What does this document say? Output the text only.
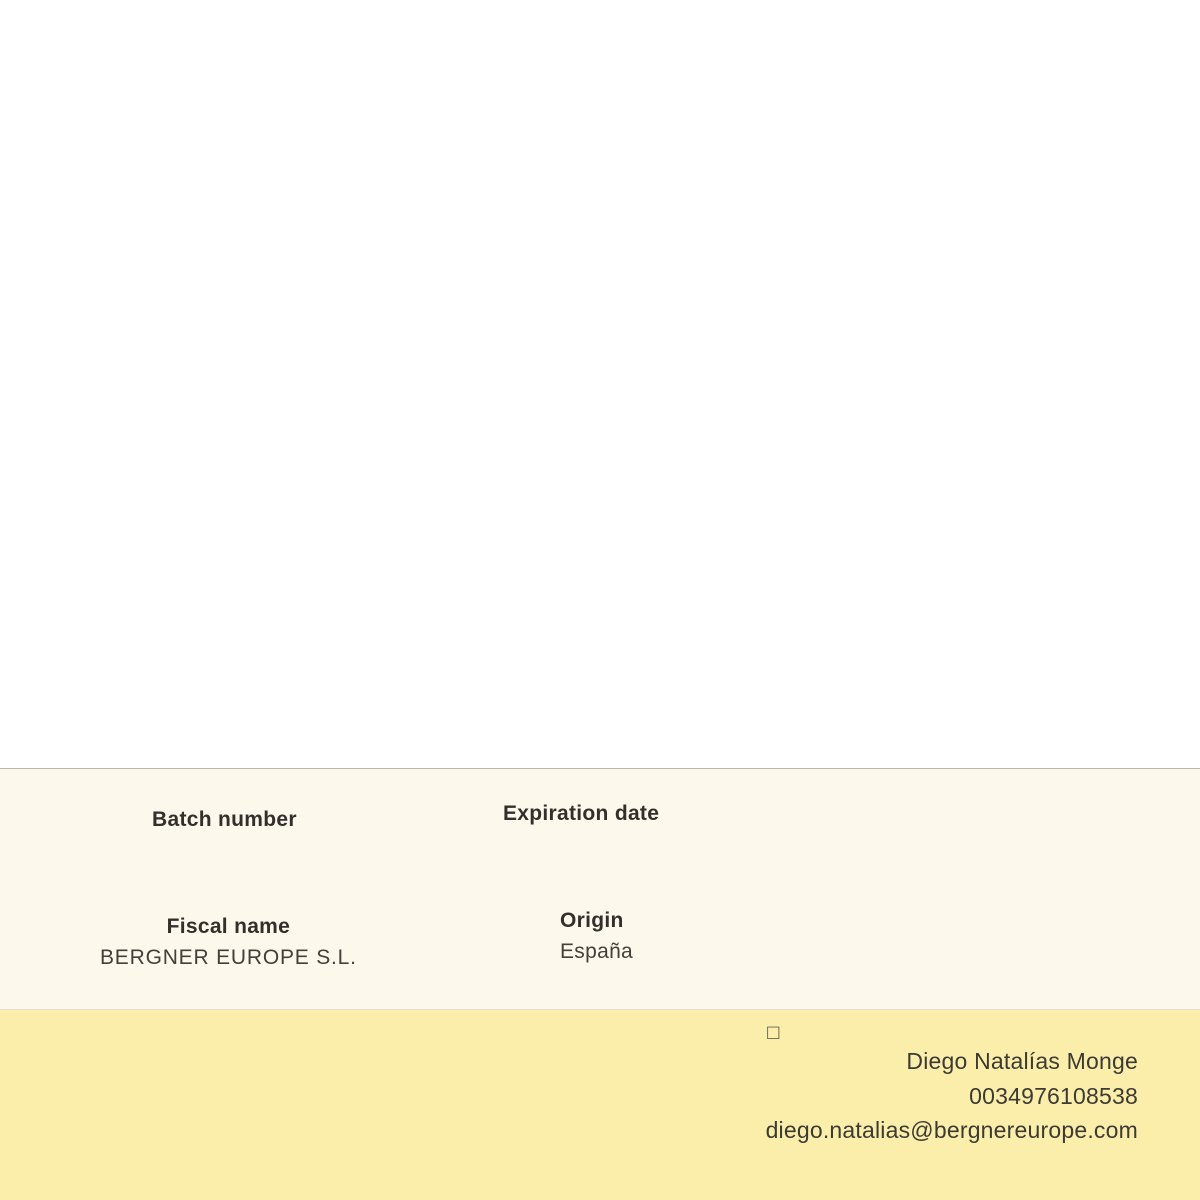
Batch number	Expiration date
Fiscal name
BERGNER EUROPE S.L.
Origin
España
☐
Diego Natalías Monge
0034976108538
diego.natalias@bergnereurope.com
